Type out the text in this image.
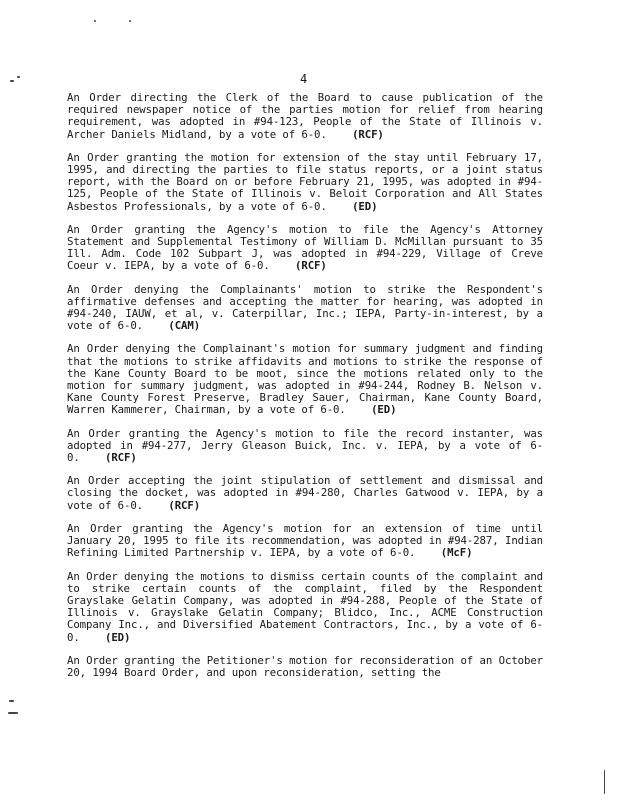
4

An Order directing the Clerk of the Board to cause publication of the required newspaper notice of the parties motion for relief from hearing requirement, was adopted in #94-123, People of the State of Illinois v. Archer Daniels Midland, by a vote of 6-0. (RCF)

An Order granting the motion for extension of the stay until February 17, 1995, and directing the parties to file status reports, or a joint status report, with the Board on or before February 21, 1995, was adopted in #94-125, People of the State of Illinois v. Beloit Corporation and All States Asbestos Professionals, by a vote of 6-0. (ED)

An Order granting the Agency's motion to file the Agency's Attorney Statement and Supplemental Testimony of William D. McMillan pursuant to 35 Ill. Adm. Code 102 Subpart J, was adopted in #94-229, Village of Creve Coeur v. IEPA, by a vote of 6-0. (RCF)

An Order denying the Complainants' motion to strike the Respondent's affirmative defenses and accepting the matter for hearing, was adopted in #94-240, IAUW, et al, v. Caterpillar, Inc.; IEPA, Party-in-interest, by a vote of 6-0. (CAM)

An Order denying the Complainant's motion for summary judgment and finding that the motions to strike affidavits and motions to strike the response of the Kane County Board to be moot, since the motions related only to the motion for summary judgment, was adopted in #94-244, Rodney B. Nelson v. Kane County Forest Preserve, Bradley Sauer, Chairman, Kane County Board, Warren Kammerer, Chairman, by a vote of 6-0. (ED)

An Order granting the Agency's motion to file the record instanter, was adopted in #94-277, Jerry Gleason Buick, Inc. v. IEPA, by a vote of 6-0. (RCF)

An Order accepting the joint stipulation of settlement and dismissal and closing the docket, was adopted in #94-280, Charles Gatwood v. IEPA, by a vote of 6-0. (RCF)

An Order granting the Agency's motion for an extension of time until January 20, 1995 to file its recommendation, was adopted in #94-287, Indian Refining Limited Partnership v. IEPA, by a vote of 6-0. (McF)

An Order denying the motions to dismiss certain counts of the complaint and to strike certain counts of the complaint, filed by the Respondent Grayslake Gelatin Company, was adopted in #94-288, People of the State of Illinois v. Grayslake Gelatin Company; Blidco, Inc., ACME Construction Company Inc., and Diversified Abatement Contractors, Inc., by a vote of 6-0. (ED)

An Order granting the Petitioner's motion for reconsideration of an October 20, 1994 Board Order, and upon reconsideration, setting the
